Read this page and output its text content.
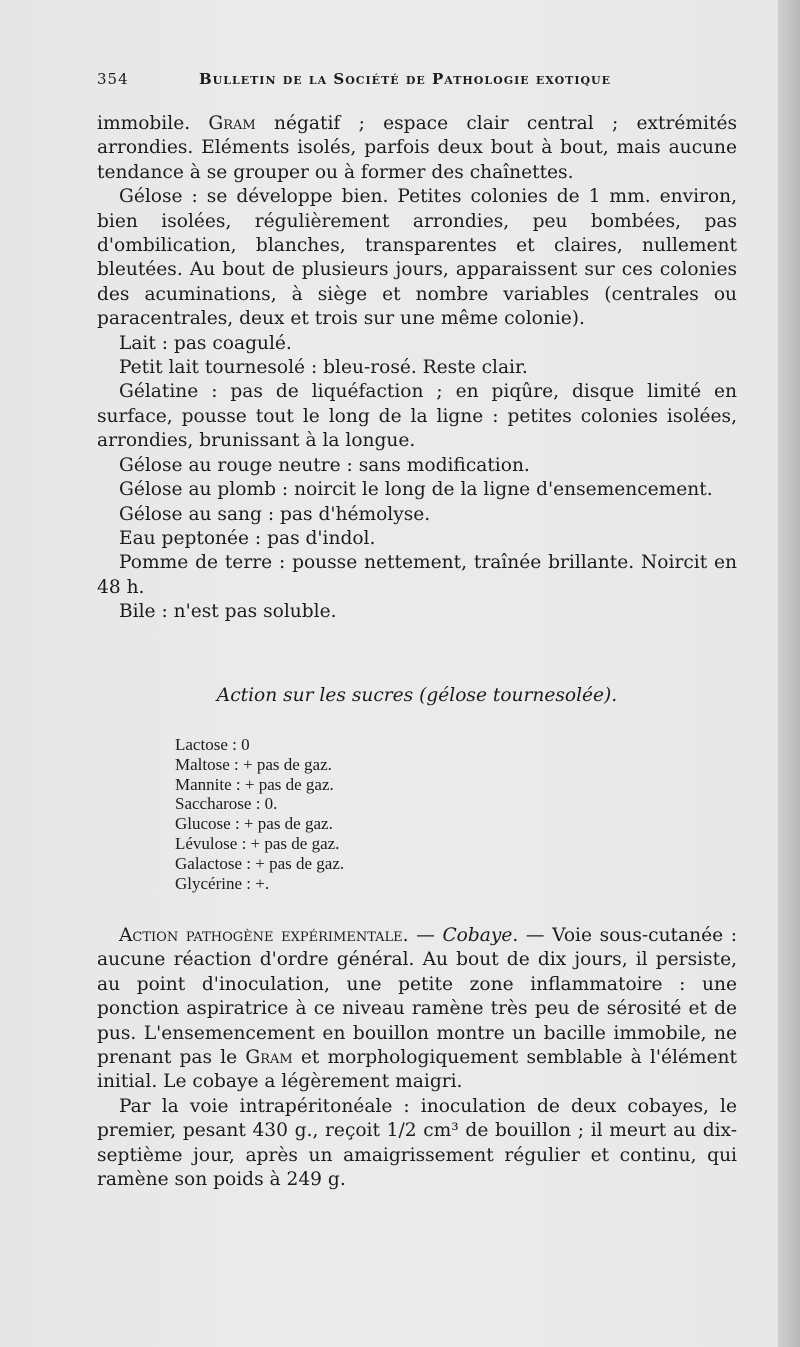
354	Bulletin de la Société de Pathologie exotique

immobile. Gram négatif ; espace clair central ; extrémités arrondies. Eléments isolés, parfois deux bout à bout, mais aucune tendance à se grouper ou à former des chaînettes.

Gélose : se développe bien. Petites colonies de 1 mm. environ, bien isolées, régulièrement arrondies, peu bombées, pas d'ombilication, blanches, transparentes et claires, nullement bleutées. Au bout de plusieurs jours, apparaissent sur ces colonies des acuminations, à siège et nombre variables (centrales ou paracentrales, deux et trois sur une même colonie).

Lait : pas coagulé.

Petit lait tournesolé : bleu-rosé. Reste clair.

Gélatine : pas de liquéfaction ; en piqûre, disque limité en surface, pousse tout le long de la ligne : petites colonies isolées, arrondies, brunissant à la longue.

Gélose au rouge neutre : sans modification.

Gélose au plomb : noircit le long de la ligne d'ensemencement.

Gélose au sang : pas d'hémolyse.

Eau peptonée : pas d'indol.

Pomme de terre : pousse nettement, traînée brillante. Noircit en 48 h.

Bile : n'est pas soluble.

Action sur les sucres (gélose tournesolée).
Lactose : 0
Maltose : + pas de gaz.
Mannite : + pas de gaz.
Saccharose : 0.
Glucose : + pas de gaz.
Lévulose : + pas de gaz.
Galactose : + pas de gaz.
Glycérine : +.

Action pathogène expérimentale. — Cobaye. — Voie sous-cutanée : aucune réaction d'ordre général. Au bout de dix jours, il persiste, au point d'inoculation, une petite zone inflammatoire : une ponction aspiratrice à ce niveau ramène très peu de sérosité et de pus. L'ensemencement en bouillon montre un bacille immobile, ne prenant pas le Gram et morphologiquement semblable à l'élément initial. Le cobaye a légèrement maigri.

Par la voie intrapéritonéale : inoculation de deux cobayes, le premier, pesant 430 g., reçoit 1/2 cm³ de bouillon ; il meurt au dix-septième jour, après un amaigrissement régulier et continu, qui ramène son poids à 249 g.
